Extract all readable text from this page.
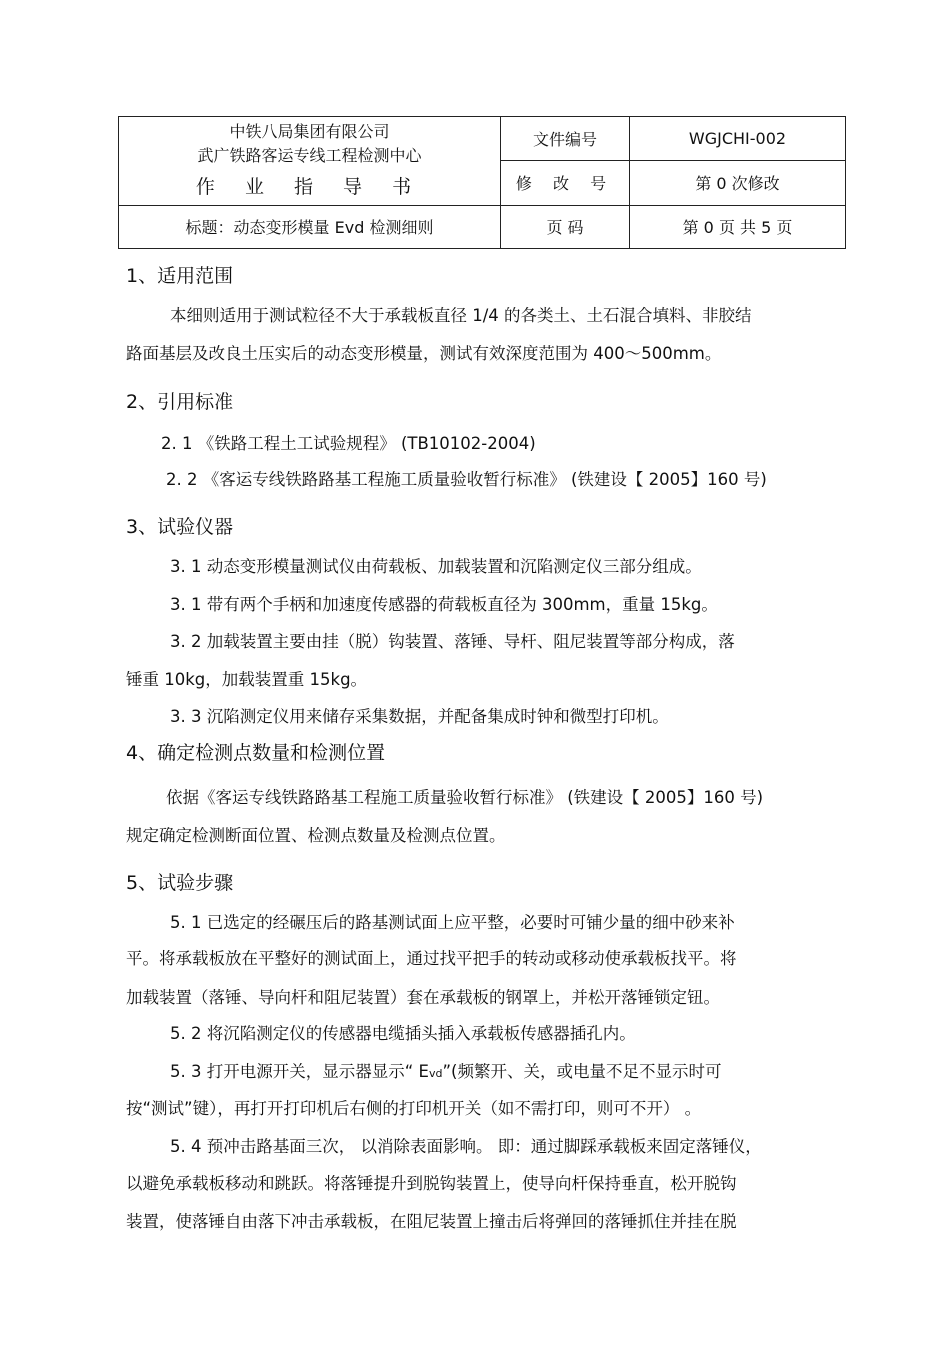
中铁八局集团有限公司
武广铁路客运专线工程检测中心
作 业 指 导 书	文件编号	WGJCHI-002
	修 改 号	第 0 次修改
标题：动态变形模量 Evd 检测细则	页 码	第 0 页 共 5 页
1、适用范围

本细则适用于测试粒径不大于承载板直径 1/4 的各类土、土石混合填料、非胶结

路面基层及改良土压实后的动态变形模量，测试有效深度范围为 400～500mm。

2、引用标准

2. 1 《铁路工程土工试验规程》 (TB10102-2004)

2. 2 《客运专线铁路路基工程施工质量验收暂行标准》 (铁建设【 2005】160 号)

3、试验仪器

3. 1 动态变形模量测试仪由荷载板、加载装置和沉陷测定仪三部分组成。

3. 1 带有两个手柄和加速度传感器的荷载板直径为 300mm，重量 15kg。

3. 2 加载装置主要由挂（脱）钩装置、落锤、导杆、阻尼装置等部分构成，落

锤重 10kg，加载装置重 15kg。

3. 3 沉陷测定仪用来储存采集数据，并配备集成时钟和微型打印机。

4、确定检测点数量和检测位置

依据《客运专线铁路路基工程施工质量验收暂行标准》 (铁建设【 2005】160 号)

规定确定检测断面位置、检测点数量及检测点位置。

5、试验步骤

5. 1 已选定的经碾压后的路基测试面上应平整，必要时可铺少量的细中砂来补

平。将承载板放在平整好的测试面上，通过找平把手的转动或移动使承载板找平。将

加载装置（落锤、导向杆和阻尼装置）套在承载板的钢罩上，并松开落锤锁定钮。

5. 2 将沉陷测定仪的传感器电缆插头插入承载板传感器插孔内。

5. 3 打开电源开关，显示器显示“ Evd”(频繁开、关，或电量不足不显示时可

按“测试”键），再打开打印机后右侧的打印机开关（如不需打印，则可不开） 。

5. 4 预冲击路基面三次， 以消除表面影响。 即：通过脚踩承载板来固定落锤仪，

以避免承载板移动和跳跃。将落锤提升到脱钩装置上，使导向杆保持垂直，松开脱钩

装置，使落锤自由落下冲击承载板，在阻尼装置上撞击后将弹回的落锤抓住并挂在脱
